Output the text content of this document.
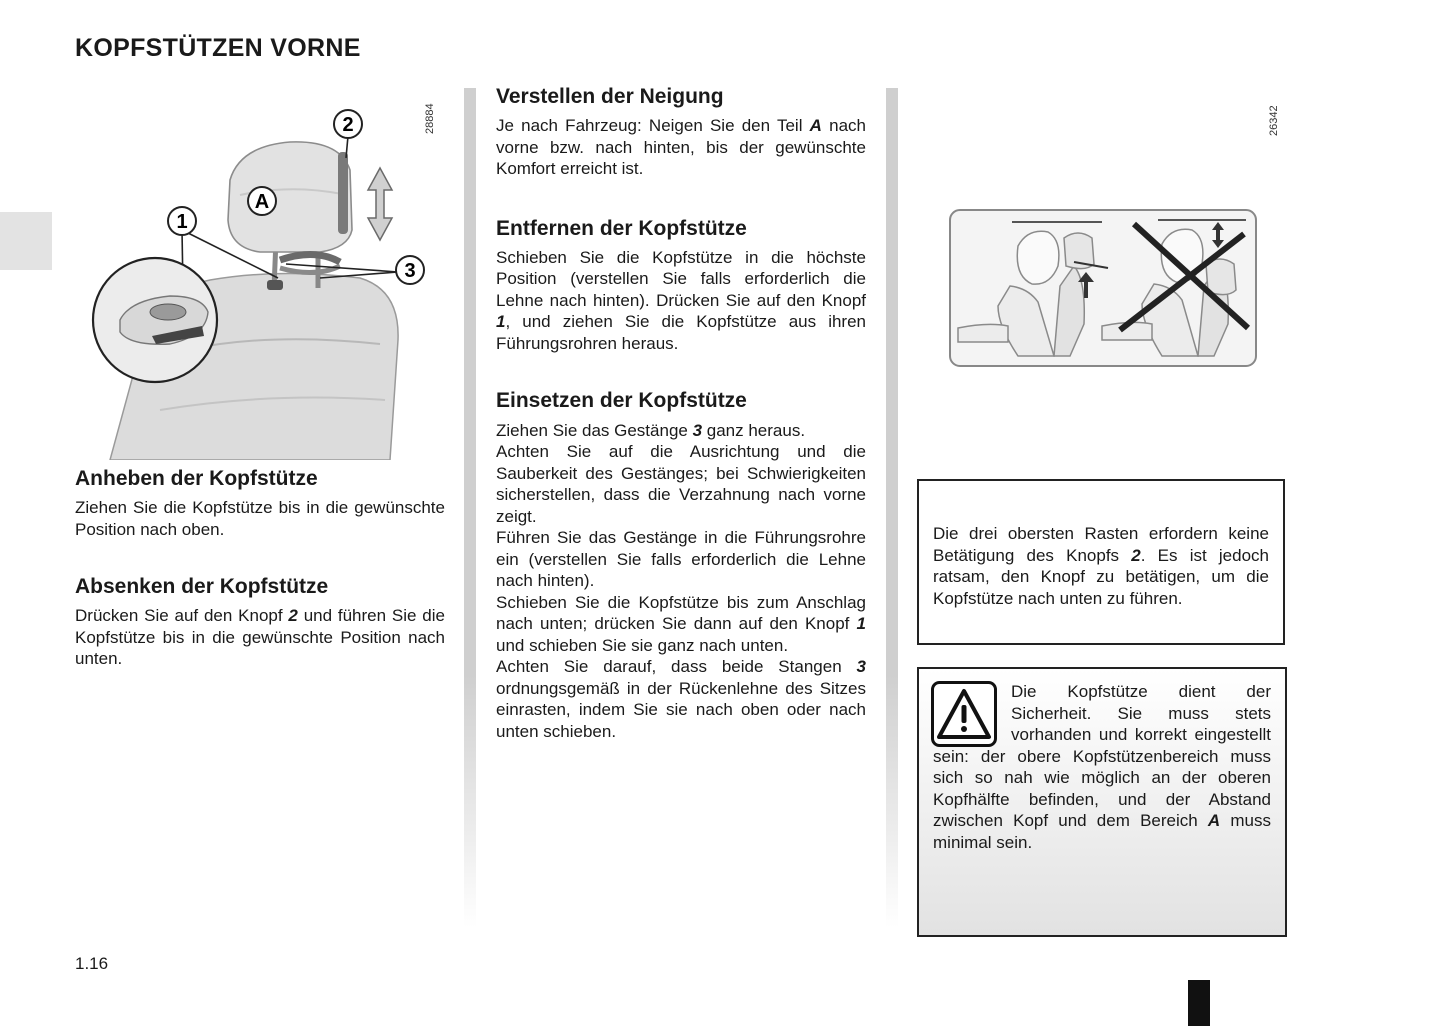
KOPFSTÜTZEN VORNE
28884
2
A
1
3
Anheben der Kopfstütze

Ziehen Sie die Kopfstütze bis in die gewünschte Position nach oben.

Absenken der Kopfstütze

Drücken Sie auf den Knopf 2 und führen Sie die Kopfstütze bis in die gewünschte Position nach unten.

Verstellen der Neigung

Je nach Fahrzeug: Neigen Sie den Teil A nach vorne bzw. nach hinten, bis der gewünschte Komfort erreicht ist.

Entfernen der Kopfstütze

Schieben Sie die Kopfstütze in die höchste Position (verstellen Sie falls erforderlich die Lehne nach hinten). Drücken Sie auf den Knopf 1, und ziehen Sie die Kopfstütze aus ihren Führungsrohren heraus.

Einsetzen der Kopfstütze

Ziehen Sie das Gestänge 3 ganz heraus.

Achten Sie auf die Ausrichtung und die Sauberkeit des Gestänges; bei Schwierigkeiten sicherstellen, dass die Verzahnung nach vorne zeigt.

Führen Sie das Gestänge in die Führungsrohre ein (verstellen Sie falls erforderlich die Lehne nach hinten).

Schieben Sie die Kopfstütze bis zum Anschlag nach unten; drücken Sie dann auf den Knopf 1 und schieben Sie sie ganz nach unten.

Achten Sie darauf, dass beide Stangen 3 ordnungsgemäß in der Rückenlehne des Sitzes einrasten, indem Sie sie nach oben oder nach unten schieben.

26342

Die drei obersten Rasten erfordern keine Betätigung des Knopfs 2. Es ist jedoch ratsam, den Knopf zu betätigen, um die Kopfstütze nach unten zu führen.

Die Kopfstütze dient der Sicherheit. Sie muss stets vorhanden und korrekt eingestellt sein: der obere Kopfstützenbereich muss sich so nah wie möglich an der oberen Kopfhälfte befinden, und der Abstand zwischen Kopf und dem Bereich A muss minimal sein.

1.16
